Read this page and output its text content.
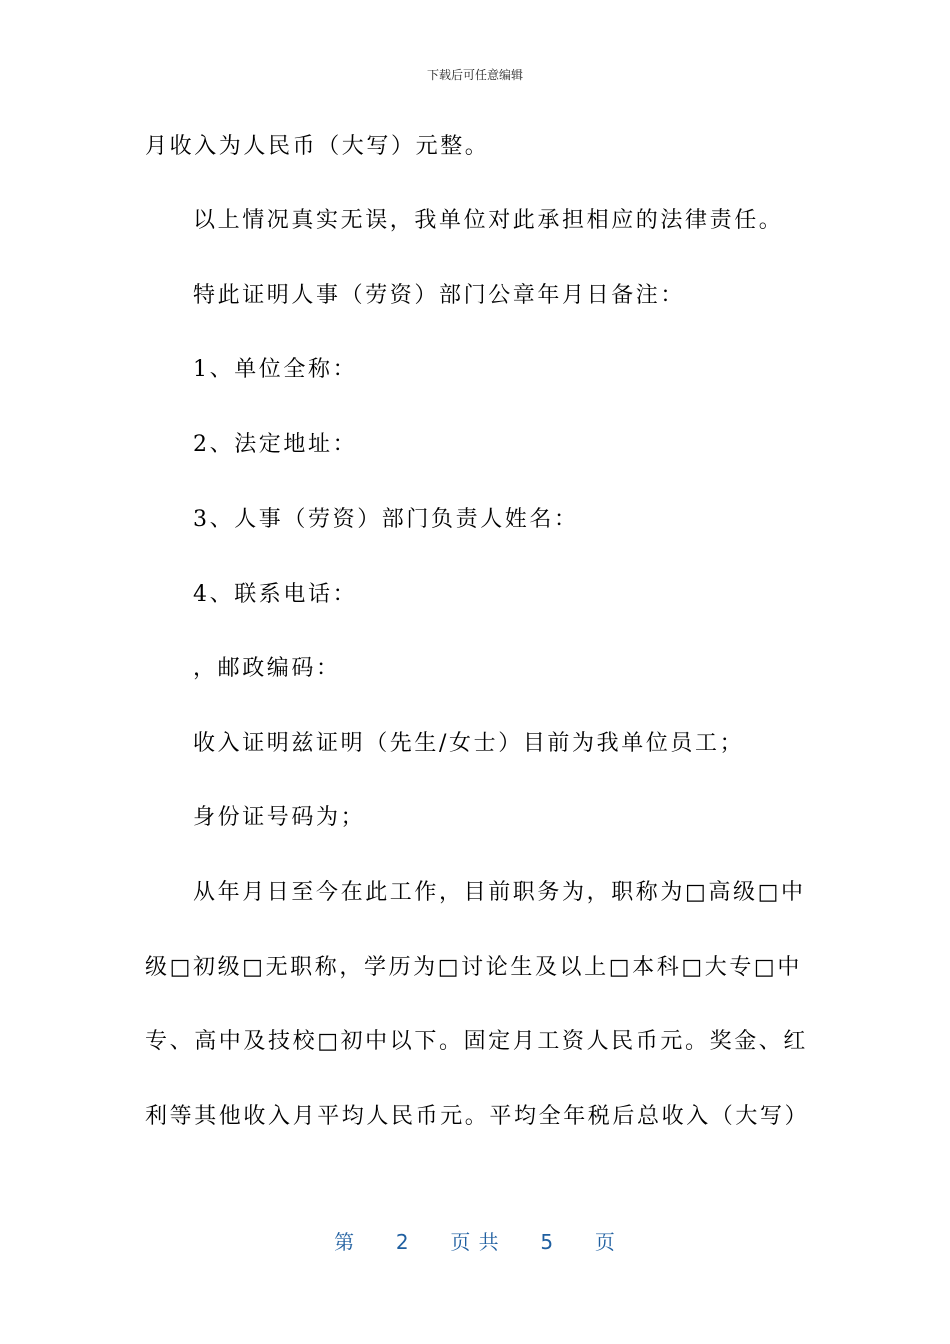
下载后可任意编辑
月收入为人民币（大写）元整。
以上情况真实无误，我单位对此承担相应的法律责任。
特此证明人事（劳资）部门公章年月日备注：
1、单位全称：
2、法定地址：
3、人事（劳资）部门负责人姓名：
4、联系电话：
，邮政编码：
收入证明兹证明（先生/女士）目前为我单位员工；
身份证号码为；
从年月日至今在此工作，目前职务为，职称为□高级□中
级□初级□无职称，学历为□讨论生及以上□本科□大专□中
专、高中及技校□初中以下。固定月工资人民币元。奖金、红
利等其他收入月平均人民币元。平均全年税后总收入（大写）
第 2 页 共 5 页
